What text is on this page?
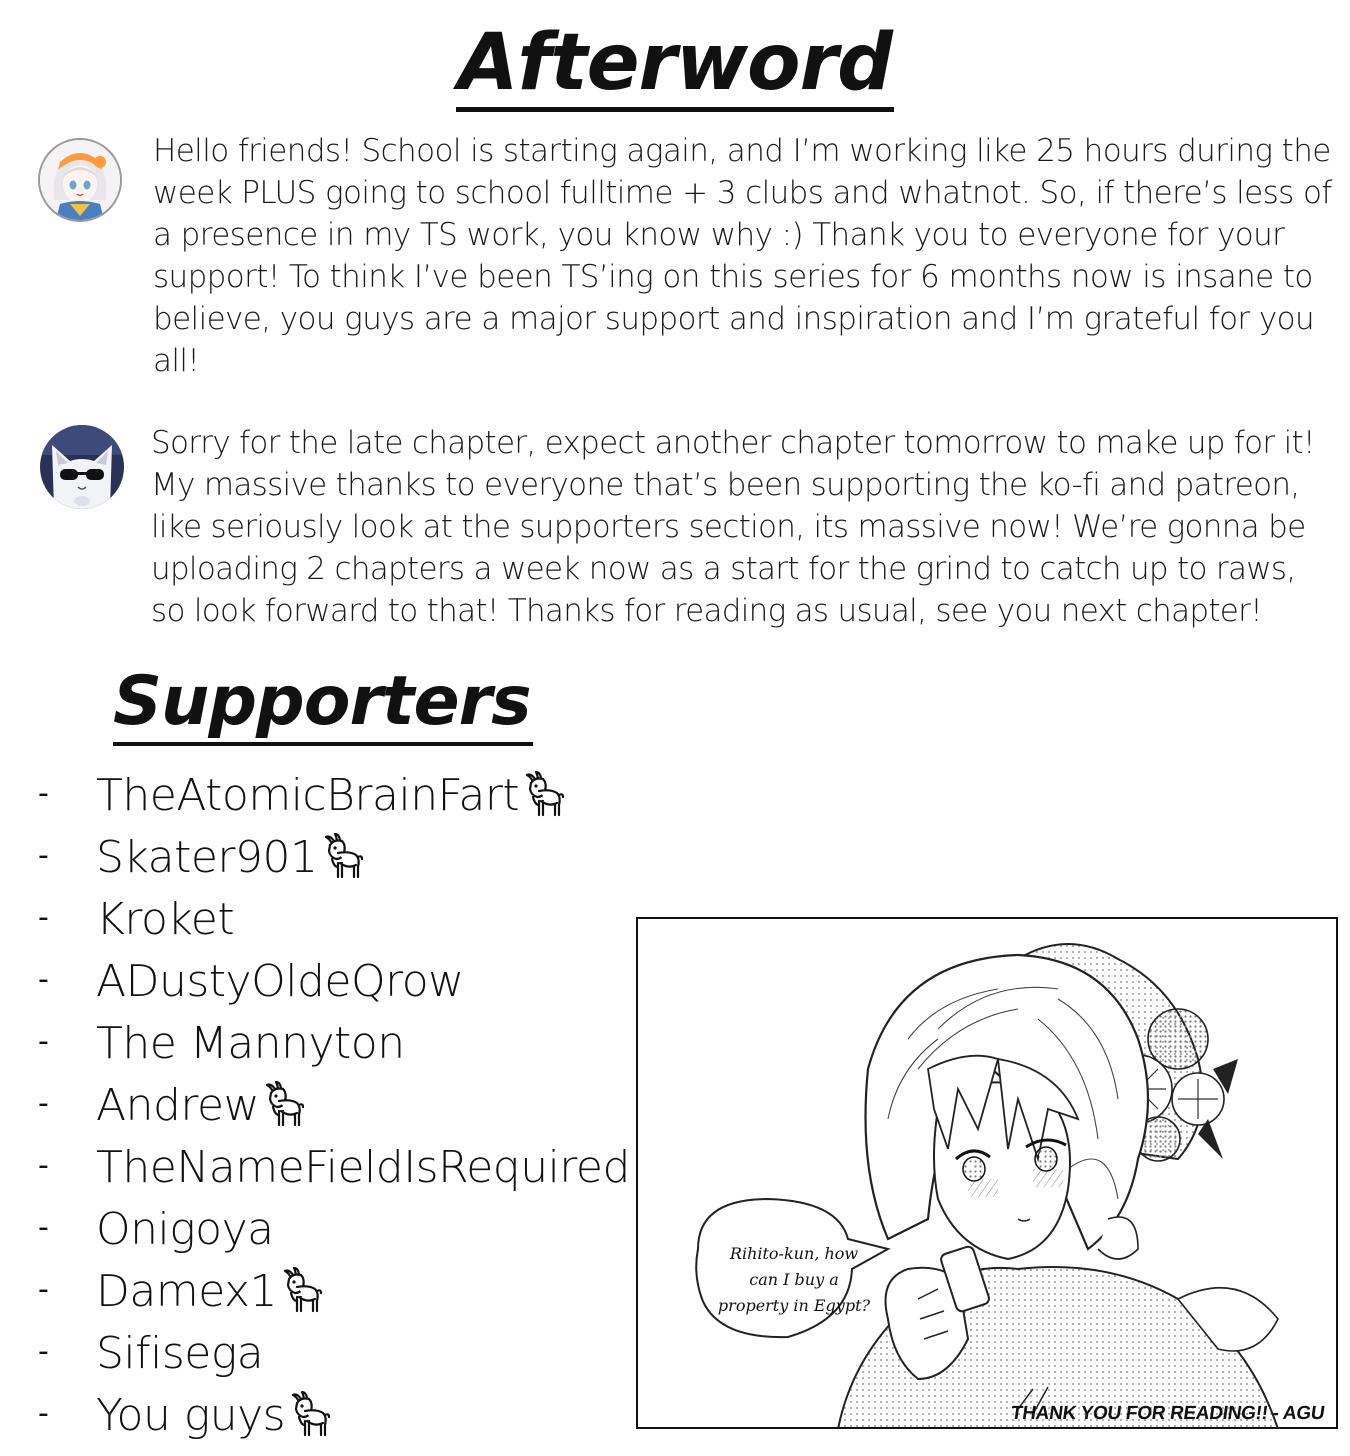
Afterword

Hello friends! School is starting again, and I’m working like 25 hours during the week PLUS going to school fulltime + 3 clubs and whatnot. So, if there’s less of a presence in my TS work, you know why :) Thank you to everyone for your support! To think I’ve been TS’ing on this series for 6 months now is insane to believe, you guys are a major support and inspiration and I’m grateful for you all!

Sorry for the late chapter, expect another chapter tomorrow to make up for it! My massive thanks to everyone that’s been supporting the ko-fi and patreon, like seriously look at the supporters section, its massive now! We’re gonna be uploading 2 chapters a week now as a start for the grind to catch up to raws, so look forward to that! Thanks for reading as usual, see you next chapter!

Supporters
- TheAtomicBrainFart
- Skater901
- Kroket
- ADustyOldeQrow
- The Mannyton
- Andrew
- TheNameFieldIsRequired
- Onigoya
- Damex1
- Sifisega
- You guys
Rihito-kun, how can I buy a property in Egypt?
THANK YOU FOR READING!! - AGU
